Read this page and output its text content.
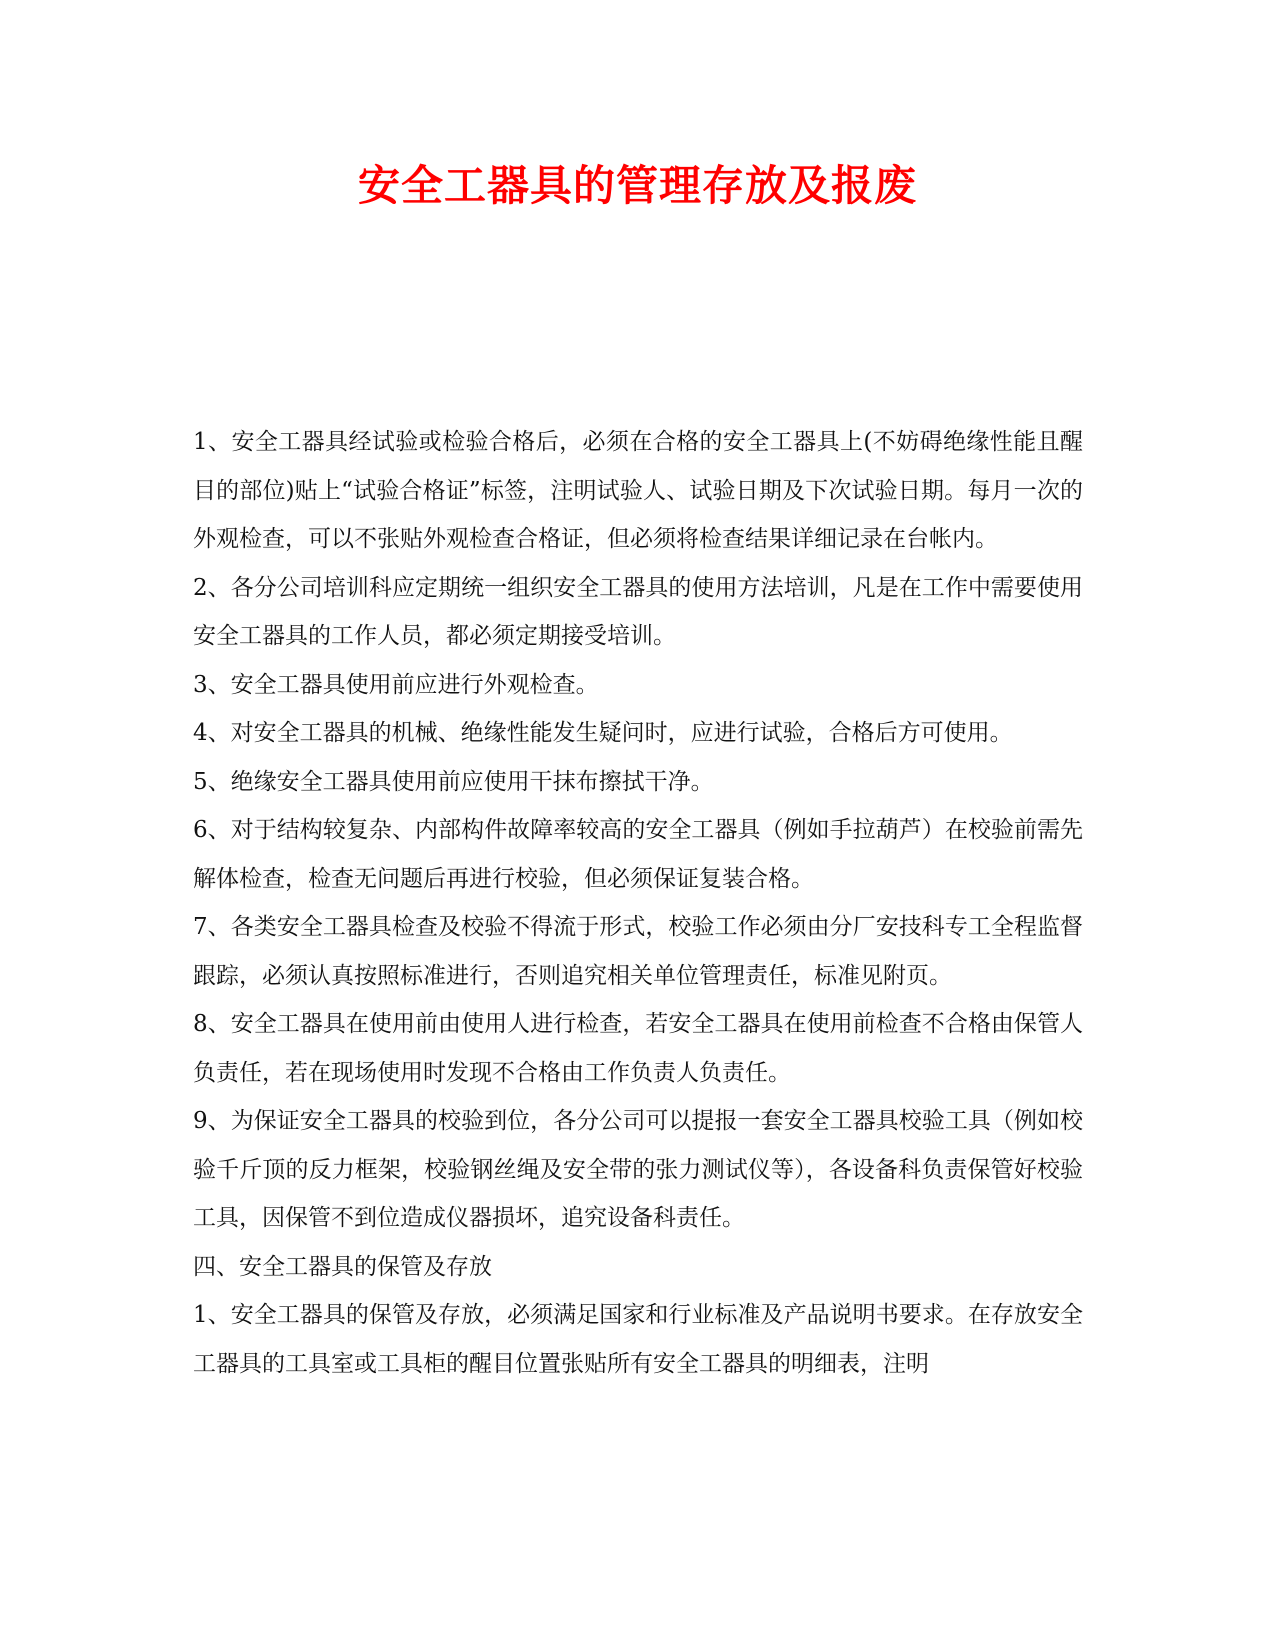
安全工器具的管理存放及报废

1、安全工器具经试验或检验合格后，必须在合格的安全工器具上(不妨碍绝缘性能且醒目的部位)贴上“试验合格证”标签，注明试验人、试验日期及下次试验日期。每月一次的外观检查，可以不张贴外观检查合格证，但必须将检查结果详细记录在台帐内。

2、各分公司培训科应定期统一组织安全工器具的使用方法培训，凡是在工作中需要使用安全工器具的工作人员，都必须定期接受培训。

3、安全工器具使用前应进行外观检查。

4、对安全工器具的机械、绝缘性能发生疑问时，应进行试验，合格后方可使用。

5、绝缘安全工器具使用前应使用干抹布擦拭干净。

6、对于结构较复杂、内部构件故障率较高的安全工器具（例如手拉葫芦）在校验前需先解体检查，检查无问题后再进行校验，但必须保证复装合格。

7、各类安全工器具检查及校验不得流于形式，校验工作必须由分厂安技科专工全程监督跟踪，必须认真按照标准进行，否则追究相关单位管理责任，标准见附页。

8、安全工器具在使用前由使用人进行检查，若安全工器具在使用前检查不合格由保管人负责任，若在现场使用时发现不合格由工作负责人负责任。

9、为保证安全工器具的校验到位，各分公司可以提报一套安全工器具校验工具（例如校验千斤顶的反力框架，校验钢丝绳及安全带的张力测试仪等），各设备科负责保管好校验工具，因保管不到位造成仪器损坏，追究设备科责任。

四、安全工器具的保管及存放

1、安全工器具的保管及存放，必须满足国家和行业标准及产品说明书要求。在存放安全工器具的工具室或工具柜的醒目位置张贴所有安全工器具的明细表，注明
